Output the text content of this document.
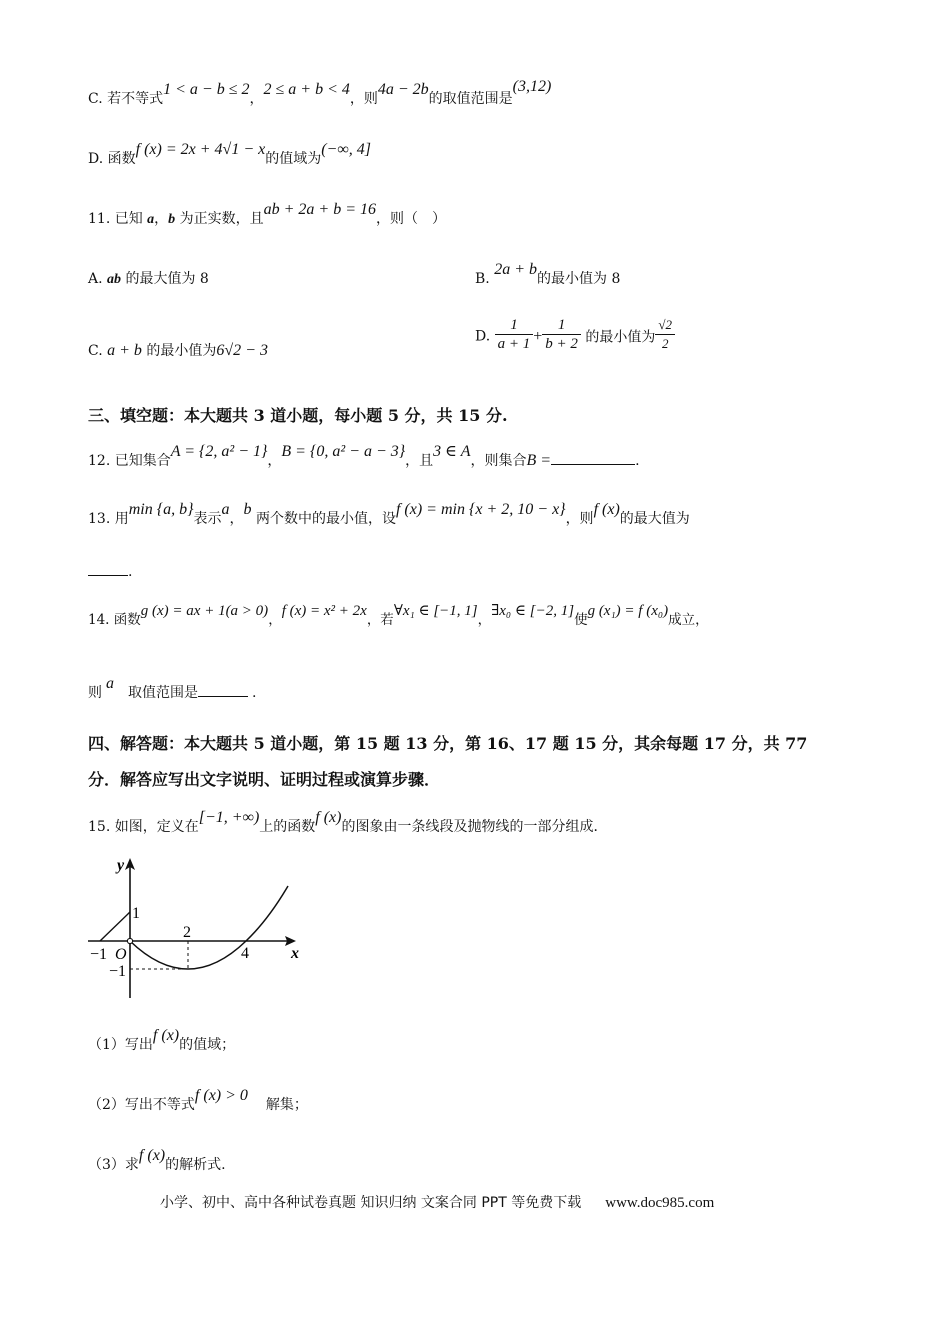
C. 若不等式1 < a − b ≤ 2，2 ≤ a + b < 4，则4a − 2b的取值范围是(3,12)
D. 函数f (x) = 2x + 4√1 − x的值域为(−∞, 4]
11. 已知 a，b 为正实数，且ab + 2a + b = 16，则（　）
A. ab 的最大值为 8	B. 2a + b的最小值为 8
C. a + b 的最小值为6√2 − 3
D. $\frac{1}{a + 1} + \frac{1}{b + 2}$ 的最小值为 $\frac{√2}{2}$
三、填空题：本大题共 3 道小题，每小题 5 分，共 15 分.
12. 已知集合A = {2, a² − 1}，B = {0, a² − a − 3}，且3 ∈ A，则集合B =	.
13. 用min {a, b}表示a，b 两个数中的最小值，设f (x) = min {x + 2, 10 − x}，则f (x)的最大值为
.
14. 函数g (x) = ax + 1(a > 0)，f (x) = x² + 2x，若∀x₁ ∈ [−1, 1]，∃x₀ ∈ [−2, 1]使g (x₁) = f (x₀)成立，
则a取值范围是	.
四、解答题：本大题共 5 道小题，第 15 题 13 分，第 16、17 题 15 分，其余每题 17 分，共 77
分．解答应写出文字说明、证明过程或演算步骤．
15. 如图，定义在[−1, +∞)上的函数f (x)的图象由一条线段及抛物线的一部分组成．
y
x
O
1
−1
−1
2
4
（1）写出f (x)的值域；
（2）写出不等式f (x) > 0解集；
（3）求f (x)的解析式.
小学、初中、高中各种试卷真题 知识归纳 文案合同 PPT 等免费下载 www.doc985.com
